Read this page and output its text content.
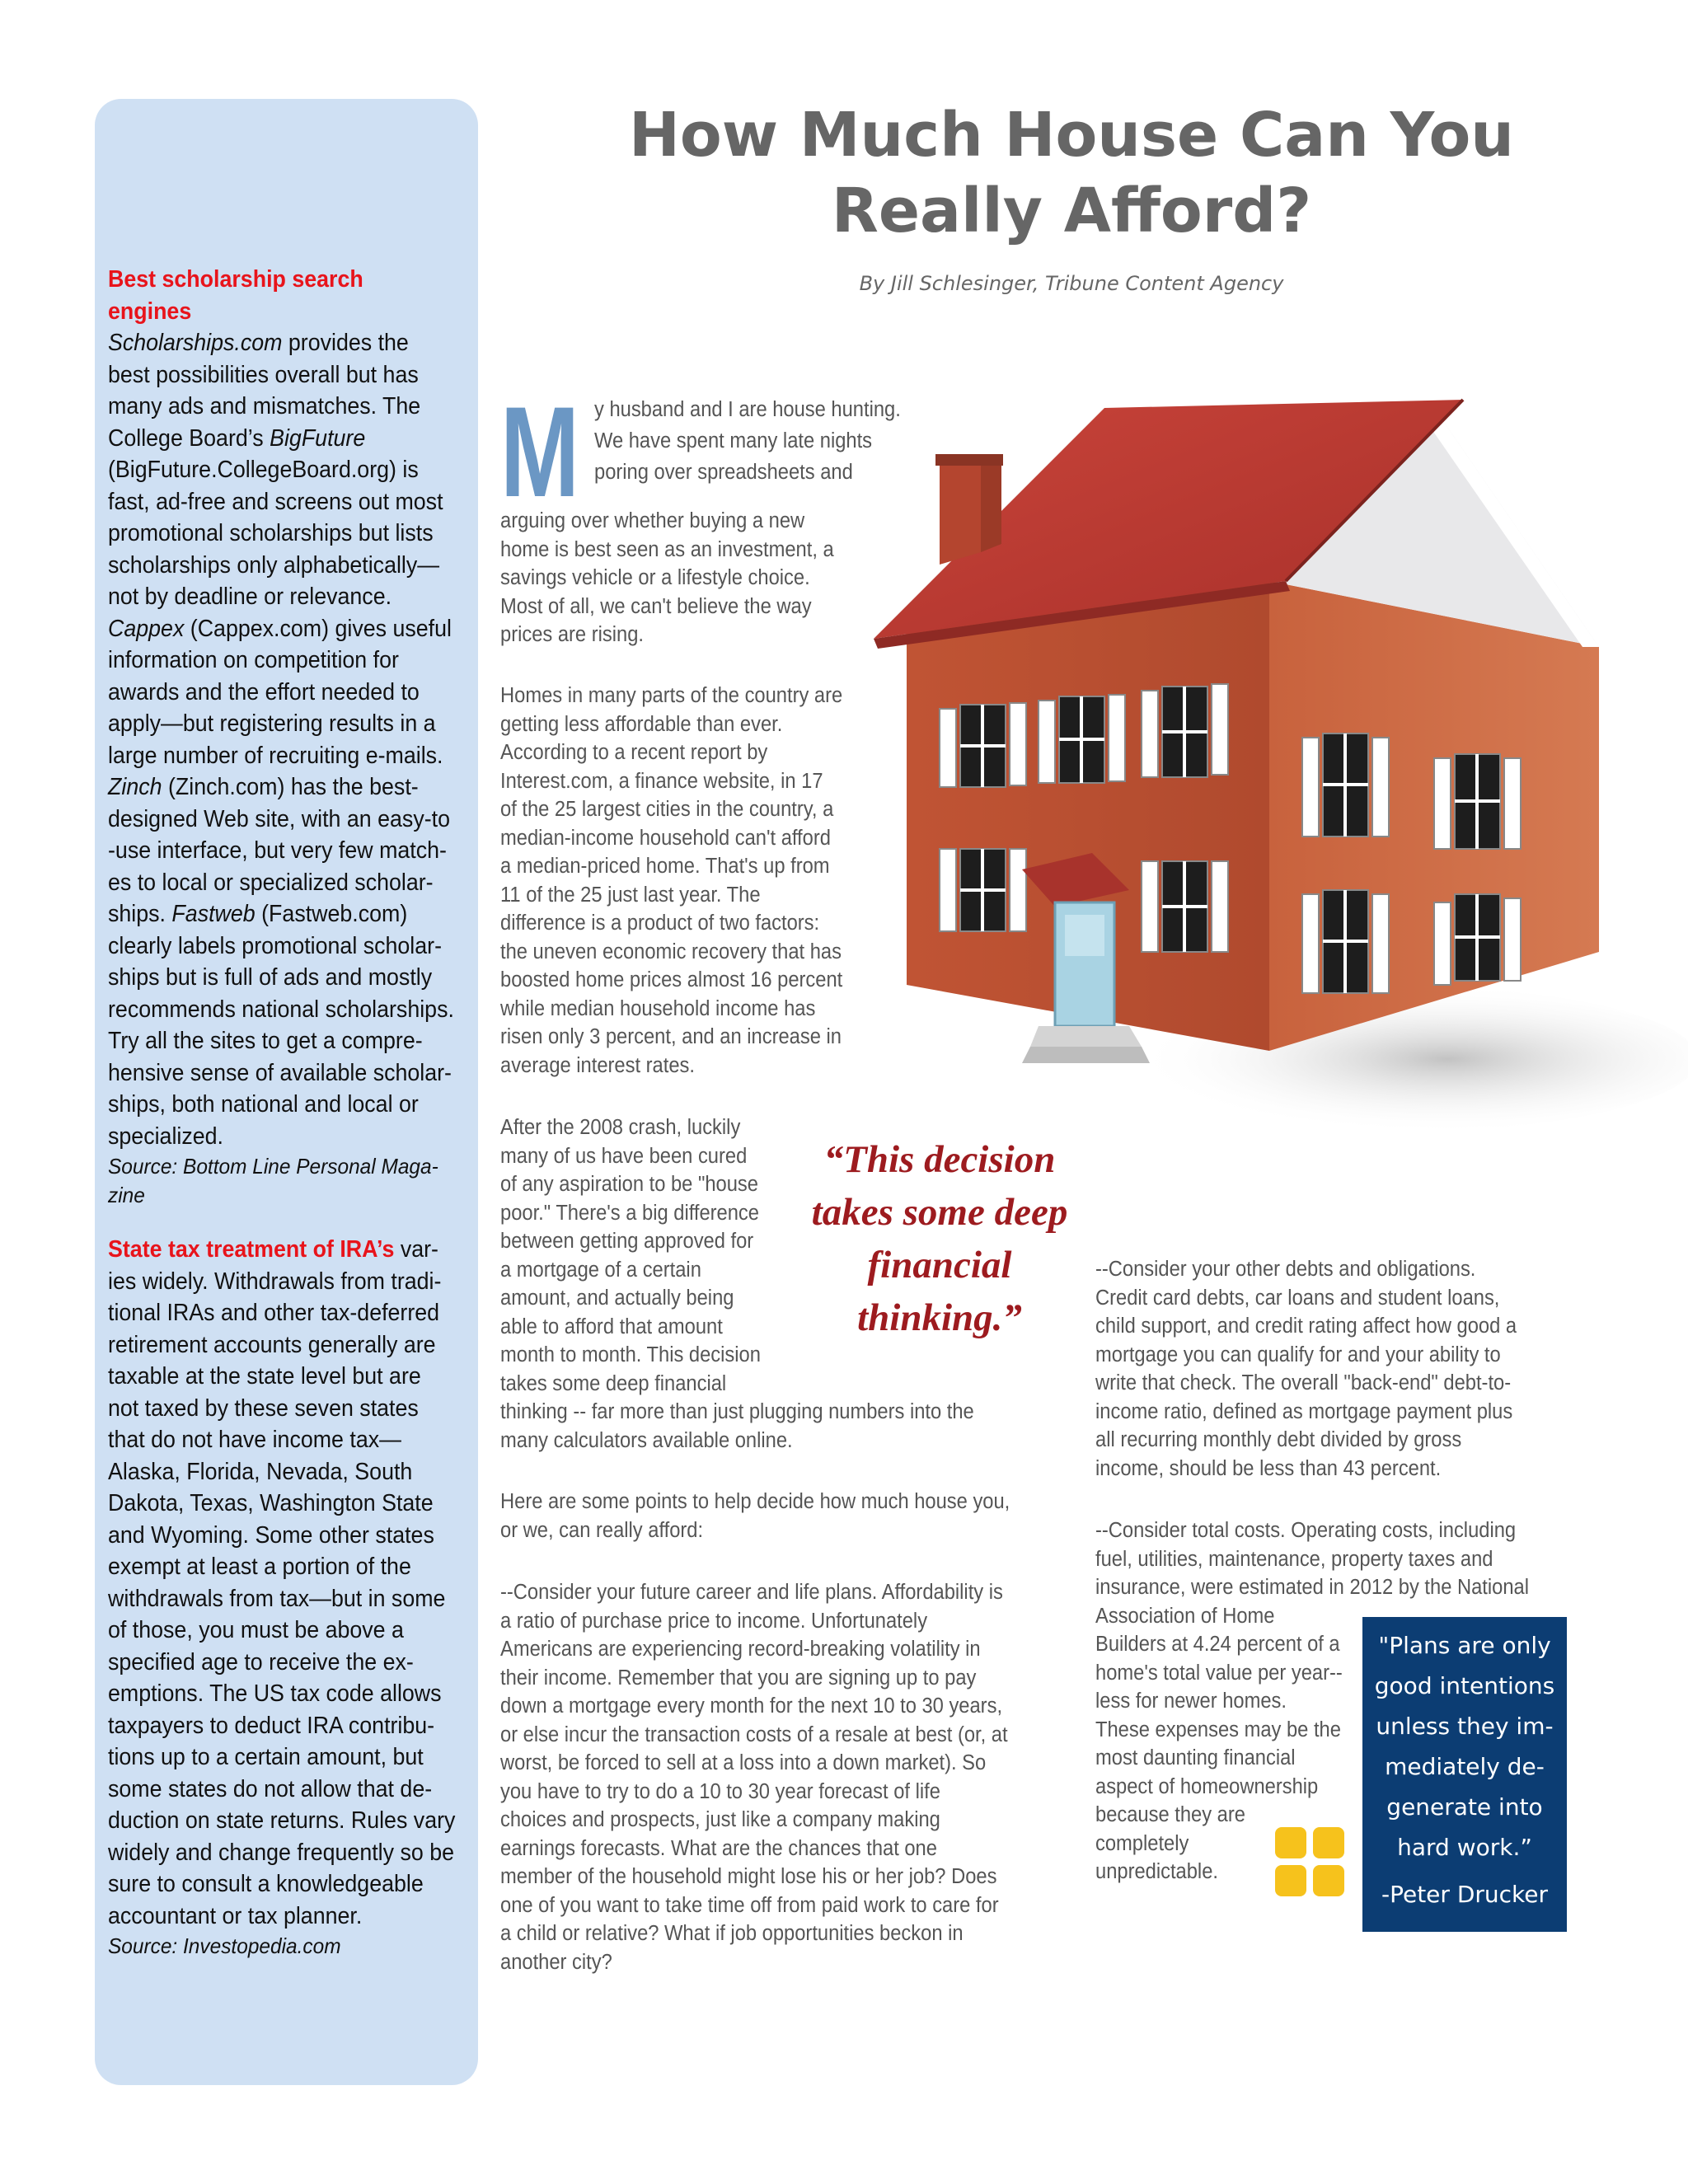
Best scholarship search engines
Scholarships.com provides the
best possibilities overall but has
many ads and mismatches. The
College Board’s BigFuture
(BigFuture.CollegeBoard.org) is
fast, ad-free and screens out most
promotional scholarships but lists
scholarships only alphabetically—
not by deadline or relevance.
Cappex (Cappex.com) gives useful
information on competition for
awards and the effort needed to
apply—but registering results in a
large number of recruiting e-mails.
Zinch (Zinch.com) has the best-
designed Web site, with an easy-to
-use interface, but very few match-
es to local or specialized scholar-
ships. Fastweb (Fastweb.com)
clearly labels promotional scholar-
ships but is full of ads and mostly
recommends national scholarships.
Try all the sites to get a compre-
hensive sense of available scholar-
ships, both national and local or
specialized.
Source: Bottom Line Personal Maga-
zine
State tax treatment of IRA’s var-
ies widely. Withdrawals from tradi-
tional IRAs and other tax-deferred
retirement accounts generally are
taxable at the state level but are
not taxed by these seven states
that do not have income tax—
Alaska, Florida, Nevada, South
Dakota, Texas, Washington State
and Wyoming. Some other states
exempt at least a portion of the
withdrawals from tax—but in some
of those, you must be above a
specified age to receive the ex-
emptions. The US tax code allows
taxpayers to deduct IRA contribu-
tions up to a certain amount, but
some states do not allow that de-
duction on state returns. Rules vary
widely and change frequently so be
sure to consult a knowledgeable
accountant or tax planner.
Source: Investopedia.com
How Much House Can You
Really Afford?
By Jill Schlesinger, Tribune Content Agency
M y husband and I are house hunting.
We have spent many late nights
poring over spreadsheets and
arguing over whether buying a new
home is best seen as an investment, a
savings vehicle or a lifestyle choice.
Most of all, we can't believe the way
prices are rising.
Homes in many parts of the country are
getting less affordable than ever.
According to a recent report by
Interest.com, a finance website, in 17
of the 25 largest cities in the country, a
median-income household can't afford
a median-priced home. That's up from
11 of the 25 just last year. The
difference is a product of two factors:
the uneven economic recovery that has
boosted home prices almost 16 percent
while median household income has
risen only 3 percent, and an increase in
average interest rates.
After the 2008 crash, luckily
many of us have been cured
of any aspiration to be "house
poor." There's a big difference
between getting approved for
a mortgage of a certain
amount, and actually being
able to afford that amount
month to month. This decision
takes some deep financial
thinking -- far more than just plugging numbers into the
many calculators available online.
Here are some points to help decide how much house you,
or we, can really afford:
--Consider your future career and life plans. Affordability is
a ratio of purchase price to income. Unfortunately
Americans are experiencing record-breaking volatility in
their income. Remember that you are signing up to pay
down a mortgage every month for the next 10 to 30 years,
or else incur the transaction costs of a resale at best (or, at
worst, be forced to sell at a loss into a down market). So
you have to try to do a 10 to 30 year forecast of life
choices and prospects, just like a company making
earnings forecasts. What are the chances that one
member of the household might lose his or her job? Does
one of you want to take time off from paid work to care for
a child or relative? What if job opportunities beckon in
another city?
“This decision
takes some deep
financial
thinking.”
--Consider your other debts and obligations.
Credit card debts, car loans and student loans,
child support, and credit rating affect how good a
mortgage you can qualify for and your ability to
write that check. The overall "back-end" debt-to-
income ratio, defined as mortgage payment plus
all recurring monthly debt divided by gross
income, should be less than 43 percent.
--Consider total costs. Operating costs, including
fuel, utilities, maintenance, property taxes and
insurance, were estimated in 2012 by the National
Association of Home
Builders at 4.24 percent of a
home's total value per year--
less for newer homes.
These expenses may be the
most daunting financial
aspect of homeownership
because they are
completely
unpredictable.
"Plans are only
good intentions
unless they im-
mediately de-
generate into
hard work.”
-Peter Drucker
